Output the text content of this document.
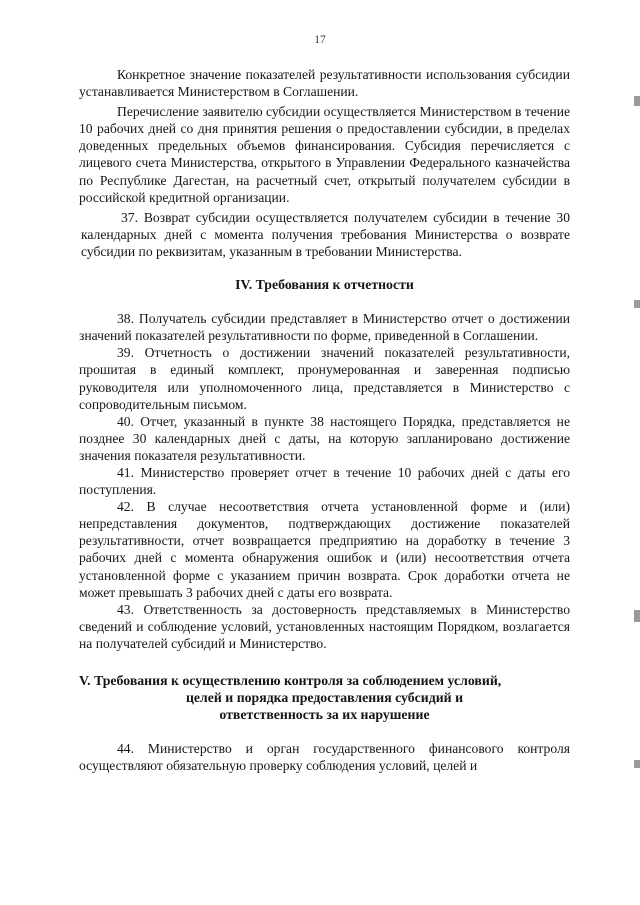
17

Конкретное значение показателей результативности использования субсидии устанавливается Министерством в Соглашении.

Перечисление заявителю субсидии осуществляется Министерством в течение 10 рабочих дней со дня принятия решения о предоставлении субсидии, в пределах доведенных предельных объемов финансирования. Субсидия перечисляется с лицевого счета Министерства, открытого в Управлении Федерального казначейства по Республике Дагестан, на расчетный счет, открытый получателем субсидии в российской кредитной организации.

37. Возврат субсидии осуществляется получателем субсидии в течение 30 календарных дней с момента получения требования Министерства о возврате субсидии по реквизитам, указанным в требовании Министерства.

IV. Требования к отчетности

38. Получатель субсидии представляет в Министерство отчет о достижении значений показателей результативности по форме, приведенной в Соглашении.

39. Отчетность о достижении значений показателей результативности, прошитая в единый комплект, пронумерованная и заверенная подписью руководителя или уполномоченного лица, представляется в Министерство с сопроводительным письмом.

40. Отчет, указанный в пункте 38 настоящего Порядка, представляется не позднее 30 календарных дней с даты, на которую запланировано достижение значения показателя результативности.

41. Министерство проверяет отчет в течение 10 рабочих дней с даты его поступления.

42. В случае несоответствия отчета установленной форме и (или) непредставления документов, подтверждающих достижение показателей результативности, отчет возвращается предприятию на доработку в течение 3 рабочих дней с момента обнаружения ошибок и (или) несоответствия отчета установленной форме с указанием причин возврата. Срок доработки отчета не может превышать 3 рабочих дней с даты его возврата.

43. Ответственность за достоверность представляемых в Министерство сведений и соблюдение условий, установленных настоящим Порядком, возлагается на получателей субсидий и Министерство.

V. Требования к осуществлению контроля за соблюдением условий,
целей и порядка предоставления субсидий и
ответственность за их нарушение

44. Министерство и орган государственного финансового контроля осуществляют обязательную проверку соблюдения условий, целей и
